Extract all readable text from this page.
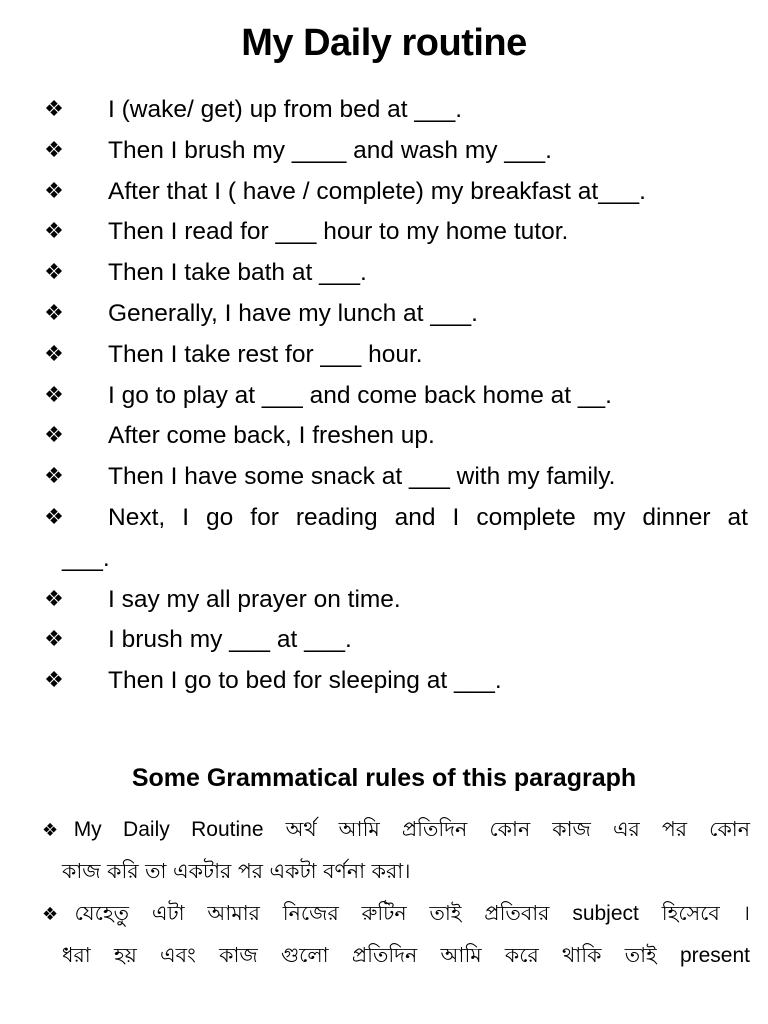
My Daily routine
❖ I (wake/ get) up from bed at ___.
❖ Then I brush my ____ and wash my ___.
❖ After that I ( have / complete) my breakfast at___.
❖ Then I read for ___ hour to my home tutor.
❖ Then I take bath at ___.
❖ Generally, I have my lunch at ___.
❖ Then I take rest for ___ hour.
❖ I go to play at ___ and come back home at __.
❖ After come back, I freshen up.
❖ Then I have some snack at ___ with my family.
❖ Next, I go for reading and I complete my dinner at
___.
❖ I say my all prayer on time.
❖ I brush my ___ at ___.
❖ Then I go to bed for sleeping at ___.
Some Grammatical rules of this paragraph
❖My Daily Routine অর্থ আমি প্রতিদিন কোন কাজ এর পর কোন
কাজ করি তা একটার পর একটা বর্ণনা করা।
❖যেহেতু এটা আমার নিজের রুটিন তাই প্রতিবার subject হিসেবে ।
ধরা হয় এবং কাজ গুলো প্রতিদিন আমি করে থাকি তাই present
